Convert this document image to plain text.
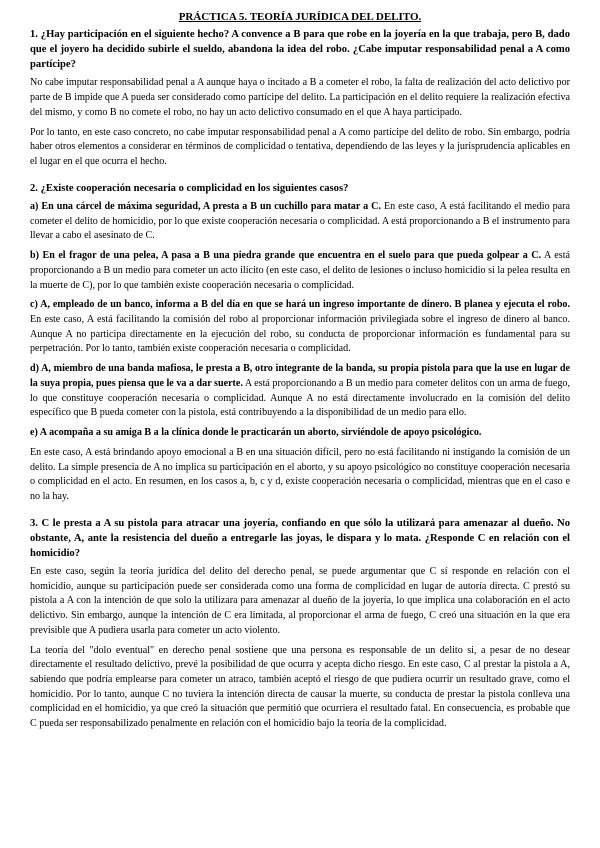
PRÁCTICA 5. TEORÍA JURÍDICA DEL DELITO.

1. ¿Hay participación en el siguiente hecho? A convence a B para que robe en la joyería en la que trabaja, pero B, dado que el joyero ha decidido subirle el sueldo, abandona la idea del robo. ¿Cabe imputar responsabilidad penal a A como partícipe?

No cabe imputar responsabilidad penal a A aunque haya o incitado a B a cometer el robo, la falta de realización del acto delictivo por parte de B impide que A pueda ser considerado como partícipe del delito. La participación en el delito requiere la realización efectiva del mismo, y como B no comete el robo, no hay un acto delictivo consumado en el que A haya participado.

Por lo tanto, en este caso concreto, no cabe imputar responsabilidad penal a A como partícipe del delito de robo. Sin embargo, podría haber otros elementos a considerar en términos de complicidad o tentativa, dependiendo de las leyes y la jurisprudencia aplicables en el lugar en el que ocurra el hecho.

2. ¿Existe cooperación necesaria o complicidad en los siguientes casos?

a) En una cárcel de máxima seguridad, A presta a B un cuchillo para matar a C. En este caso, A está facilitando el medio para cometer el delito de homicidio, por lo que existe cooperación necesaria o complicidad. A está proporcionando a B el instrumento para llevar a cabo el asesinato de C.

b) En el fragor de una pelea, A pasa a B una piedra grande que encuentra en el suelo para que pueda golpear a C. A está proporcionando a B un medio para cometer un acto ilícito (en este caso, el delito de lesiones o incluso homicidio si la pelea resulta en la muerte de C), por lo que también existe cooperación necesaria o complicidad.

c) A, empleado de un banco, informa a B del día en que se hará un ingreso importante de dinero. B planea y ejecuta el robo. En este caso, A está facilitando la comisión del robo al proporcionar información privilegiada sobre el ingreso de dinero al banco. Aunque A no participa directamente en la ejecución del robo, su conducta de proporcionar información es fundamental para su perpetración. Por lo tanto, también existe cooperación necesaria o complicidad.

d) A, miembro de una banda mafiosa, le presta a B, otro integrante de la banda, su propia pistola para que la use en lugar de la suya propia, pues piensa que le va a dar suerte. A está proporcionando a B un medio para cometer delitos con un arma de fuego, lo que constituye cooperación necesaria o complicidad. Aunque A no está directamente involucrado en la comisión del delito específico que B pueda cometer con la pistola, está contribuyendo a la disponibilidad de un medio para ello.

e) A acompaña a su amiga B a la clínica donde le practicarán un aborto, sirviéndole de apoyo psicológico.

En este caso, A está brindando apoyo emocional a B en una situación difícil, pero no está facilitando ni instigando la comisión de un delito. La simple presencia de A no implica su participación en el aborto, y su apoyo psicológico no constituye cooperación necesaria o complicidad en el acto. En resumen, en los casos a, b, c y d, existe cooperación necesaria o complicidad, mientras que en el caso e no la hay.

3. C le presta a A su pistola para atracar una joyería, confiando en que sólo la utilizará para amenazar al dueño. No obstante, A, ante la resistencia del dueño a entregarle las joyas, le dispara y lo mata. ¿Responde C en relación con el homicidio?

En este caso, según la teoría jurídica del delito del derecho penal, se puede argumentar que C sí responde en relación con el homicidio, aunque su participación puede ser considerada como una forma de complicidad en lugar de autoría directa. C prestó su pistola a A con la intención de que solo la utilizara para amenazar al dueño de la joyería, lo que implica una colaboración en el acto delictivo. Sin embargo, aunque la intención de C era limitada, al proporcionar el arma de fuego, C creó una situación en la que era previsible que A pudiera usarla para cometer un acto violento.

La teoría del "dolo eventual" en derecho penal sostiene que una persona es responsable de un delito si, a pesar de no desear directamente el resultado delictivo, prevé la posibilidad de que ocurra y acepta dicho riesgo. En este caso, C al prestar la pistola a A, sabiendo que podría emplearse para cometer un atraco, también aceptó el riesgo de que pudiera ocurrir un resultado grave, como el homicidio. Por lo tanto, aunque C no tuviera la intención directa de causar la muerte, su conducta de prestar la pistola conlleva una complicidad en el homicidio, ya que creó la situación que permitió que ocurriera el resultado fatal. En consecuencia, es probable que C pueda ser responsabilizado penalmente en relación con el homicidio bajo la teoría de la complicidad.
